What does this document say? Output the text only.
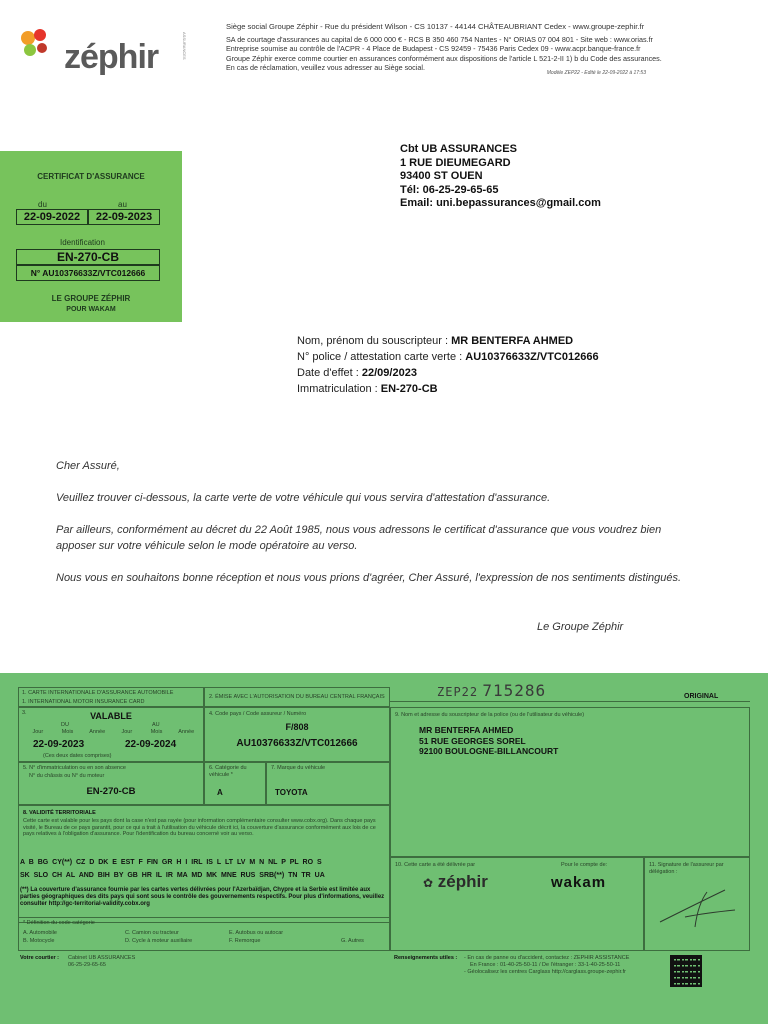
zéphir	ASSURANCES
Siège social Groupe Zéphir - Rue du président Wilson - CS 10137 - 44144 CHÂTEAUBRIANT Cedex - www.groupe-zephir.fr
SA de courtage d'assurances au capital de 6 000 000 € - RCS B 350 460 754 Nantes - N° ORIAS 07 004 801 - Site web : www.orias.fr
Entreprise soumise au contrôle de l'ACPR - 4 Place de Budapest - CS 92459 - 75436 Paris Cedex 09 - www.acpr.banque-france.fr
Groupe Zéphir exerce comme courtier en assurances conformément aux dispositions de l'article L 521-2-II 1) b du Code des assurances.
En cas de réclamation, veuillez vous adresser au Siège social.
Modèle ZEP22 - Edité le 22-09-2022 à 17:53
CERTIFICAT D'ASSURANCE
du	au
22-09-2022	22-09-2023
Identification
EN-270-CB
N° AU10376633Z/VTC012666
LE GROUPE ZÉPHIR
POUR WAKAM
Cbt UB ASSURANCES
1 RUE DIEUMEGARD
93400 ST OUEN
Tél: 06-25-29-65-65
Email: uni.bepassurances@gmail.com
Nom, prénom du souscripteur : MR BENTERFA AHMED
N° police / attestation carte verte : AU10376633Z/VTC012666
Date d'effet : 22/09/2023
Immatriculation : EN-270-CB

Cher Assuré,

Veuillez trouver ci-dessous, la carte verte de votre véhicule qui vous servira d'attestation d'assurance.

Par ailleurs, conformément au décret du 22 Août 1985, nous vous adressons le certificat d'assurance que vous voudrez bien apposer sur votre véhicule selon le mode opératoire au verso.

Nous vous en souhaitons bonne réception et nous vous prions d'agréer, Cher Assuré, l'expression de nos sentiments distingués.

Le Groupe Zéphir
1. CARTE INTERNATIONALE D'ASSURANCE AUTOMOBILE
1. INTERNATIONAL MOTOR INSURANCE CARD
2. ÉMISE AVEC L'AUTORISATION DU BUREAU CENTRAL FRANÇAIS	ZEP22 715286	ORIGINAL
3.	VALABLE
DU	AU
Jour	Mois	Année	Jour	Mois	Année
22-09-2023	22-09-2024
(Ces deux dates comprises)
4. Code pays / Code assureur / Numéro
F/808
AU10376633Z/VTC012666
5. N° d'immatriculation ou en son absence
N° du châssis ou N° du moteur
EN-270-CB
6. Catégorie du véhicule *
A
7. Marque du véhicule
TOYOTA
9. Nom et adresse du souscripteur de la police (ou de l'utilisateur du véhicule)
MR BENTERFA AHMED
51 RUE GEORGES SOREL
92100 BOULOGNE-BILLANCOURT
8. VALIDITÉ TERRITORIALE
Cette carte est valable pour les pays dont la case n'est pas rayée (pour information complémentaire consulter www.cobx.org). Dans chaque pays visité, le Bureau de ce pays garantit, pour ce qui a trait à l'utilisation du véhicule décrit ici, la couverture d'assurance conformément aux lois de ce pays relatives à l'obligation d'assurance. Pour l'identification du bureau concerné voir au verso.
A B BG CY(**) CZ D DK E EST F FIN GR H I IRL IS L LT LV M N NL P PL RO S
SK SLO CH AL AND BIH BY GB HR IL IR MA MD MK MNE RUS SRB(**) TN TR UA
(**) La couverture d'assurance fournie par les cartes vertes délivrées pour l'Azerbaïdjan, Chypre et la Serbie est limitée aux parties géographiques des dits pays qui sont sous le contrôle des gouvernements respectifs. Pour plus d'informations, veuillez consulter http://gc-territorial-validity.cobx.org
* Définition du code catégorie
A. Automobile	C. Camion ou tracteur	E. Autobus ou autocar
B. Motocycle	D. Cycle à moteur auxiliaire	F. Remorque	G. Autres
10. Cette carte a été délivrée par
✿ zéphir
Pour le compte de:
wakam
11. Signature de l'assureur par délégation :
Votre courtier : Cabinet UB ASSURANCES
06-25-29-65-65
Renseignements utiles : - En cas de panne ou d'accident, contactez : ZEPHIR ASSISTANCE
En France : 01-40-25-50-11 / De l'étranger : 33-1-40-25-50-11
- Géolocalisez les centres Carglass http://carglass.groupe-zephir.fr
